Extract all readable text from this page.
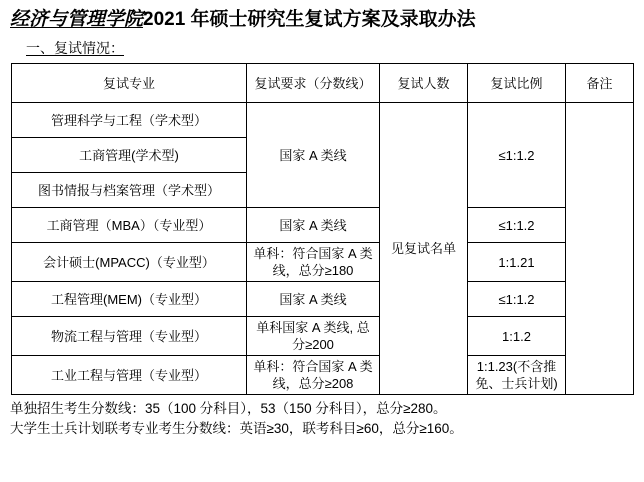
经济与管理学院2021 年硕士研究生复试方案及录取办法
一、复试情况：
复试专业	复试要求（分数线）	复试人数	复试比例	备注
管理科学与工程（学术型）	国家 A 类线	见复试名单	≤1:1.2	
工商管理(学术型)				
图书情报与档案管理（学术型）				
工商管理（MBA）（专业型）	国家 A 类线		≤1:1.2	
会计硕士(MPACC)（专业型）	单科：符合国家 A 类线，总分≥180		1:1.21	
工程管理(MEM)（专业型）	国家 A 类线		≤1:1.2	
物流工程与管理（专业型）	单科国家 A 类线, 总分≥200		1:1.2	
工业工程与管理（专业型）	单科：符合国家 A 类线，总分≥208		1:1.23(不含推免、士兵计划)	
单独招生考生分数线：35（100 分科目），53（150 分科目），总分≥280。
大学生士兵计划联考专业考生分数线：英语≥30，联考科目≥60，总分≥160。
